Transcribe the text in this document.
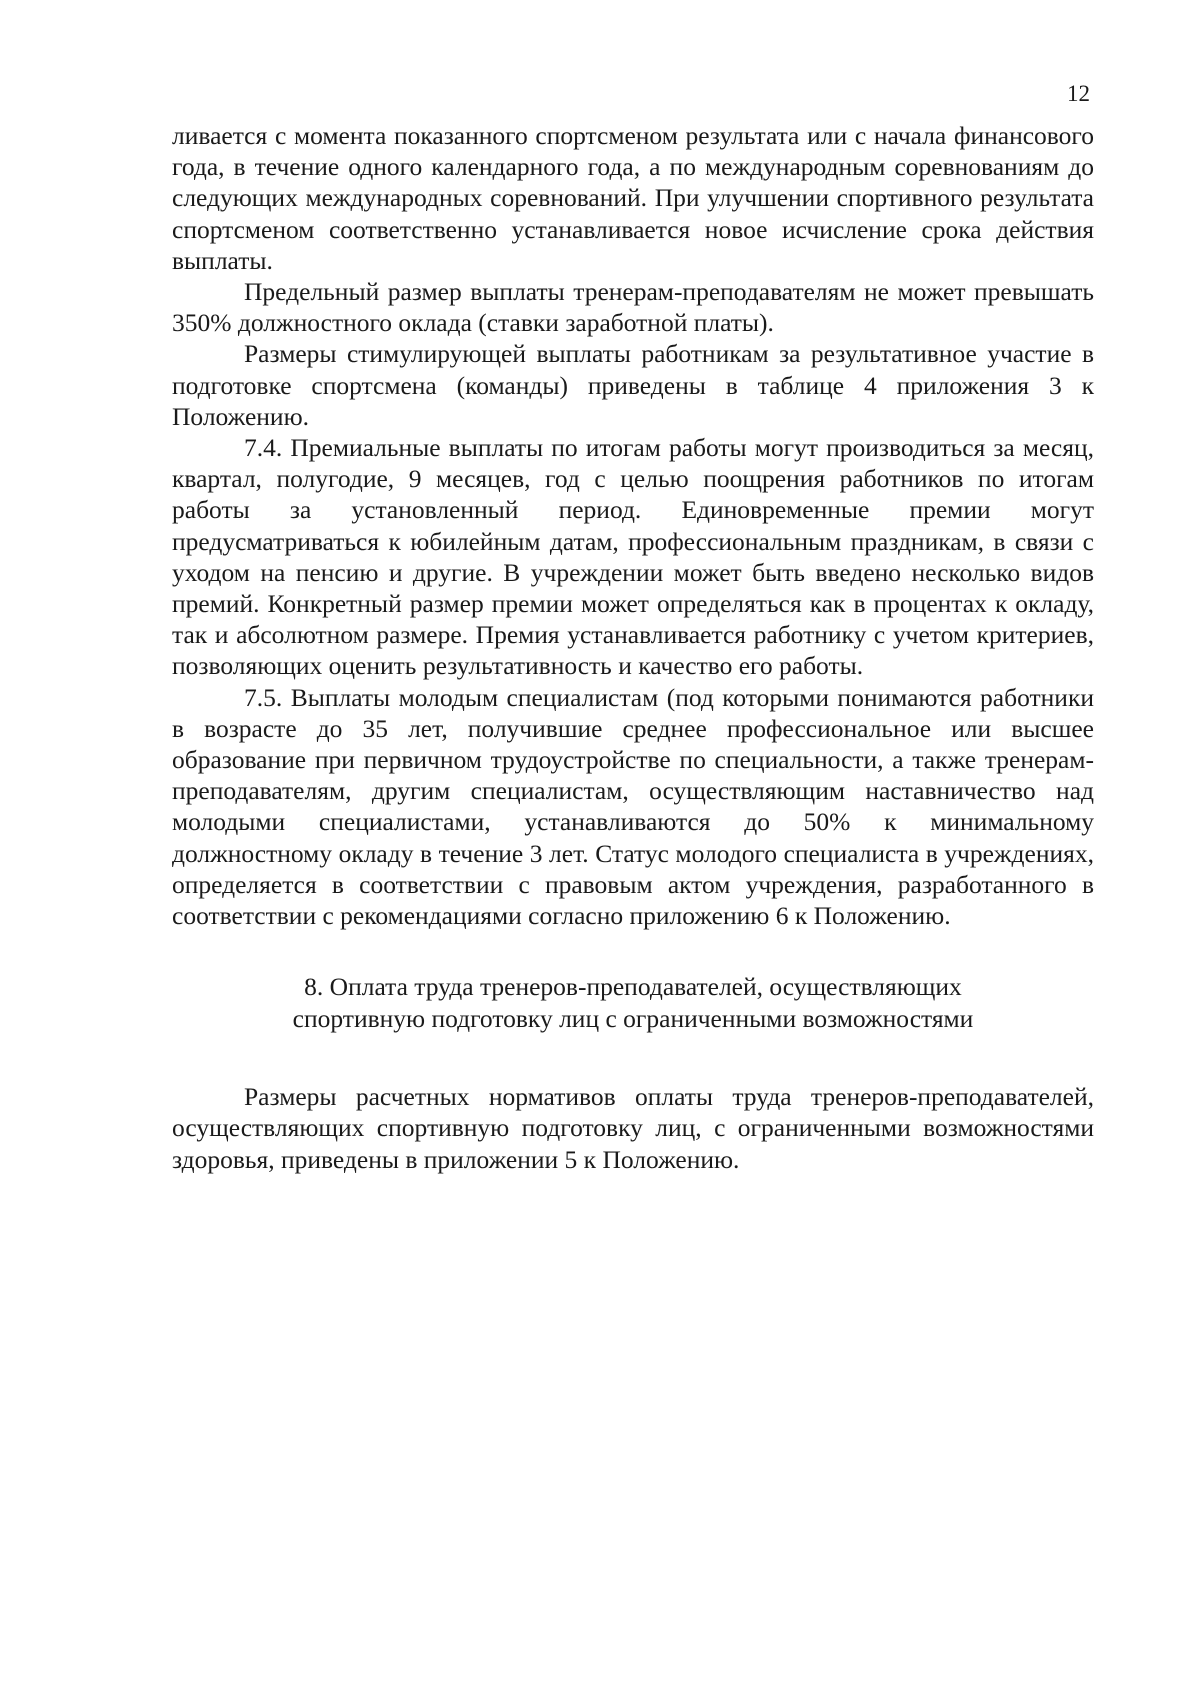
12

ливается с момента показанного спортсменом результата или с начала финансового года, в течение одного календарного года, а по международным соревнованиям до следующих международных соревнований. При улучшении спортивного результата спортсменом соответственно устанавливается новое исчисление срока действия выплаты.

Предельный размер выплаты тренерам-преподавателям не может превышать 350% должностного оклада (ставки заработной платы).

Размеры стимулирующей выплаты работникам за результативное участие в подготовке спортсмена (команды) приведены в таблице 4 приложения 3 к Положению.

7.4. Премиальные выплаты по итогам работы могут производиться за месяц, квартал, полугодие, 9 месяцев, год с целью поощрения работников по итогам работы за установленный период. Единовременные премии могут предусматриваться к юбилейным датам, профессиональным праздникам, в связи с уходом на пенсию и другие. В учреждении может быть введено несколько видов премий. Конкретный размер премии может определяться как в процентах к окладу, так и абсолютном размере. Премия устанавливается работнику с учетом критериев, позволяющих оценить результативность и качество его работы.

7.5. Выплаты молодым специалистам (под которыми понимаются работники в возрасте до 35 лет, получившие среднее профессиональное или высшее образование при первичном трудоустройстве по специальности, а также тренерам-преподавателям, другим специалистам, осуществляющим наставничество над молодыми специалистами, устанавливаются до 50% к минимальному должностному окладу в течение 3 лет. Статус молодого специалиста в учреждениях, определяется в соответствии с правовым актом учреждения, разработанного в соответствии с рекомендациями согласно приложению 6 к Положению.

8. Оплата труда тренеров-преподавателей, осуществляющих
спортивную подготовку лиц с ограниченными возможностями

Размеры расчетных нормативов оплаты труда тренеров-преподавателей, осуществляющих спортивную подготовку лиц, с ограниченными возможностями здоровья, приведены в приложении 5 к Положению.
